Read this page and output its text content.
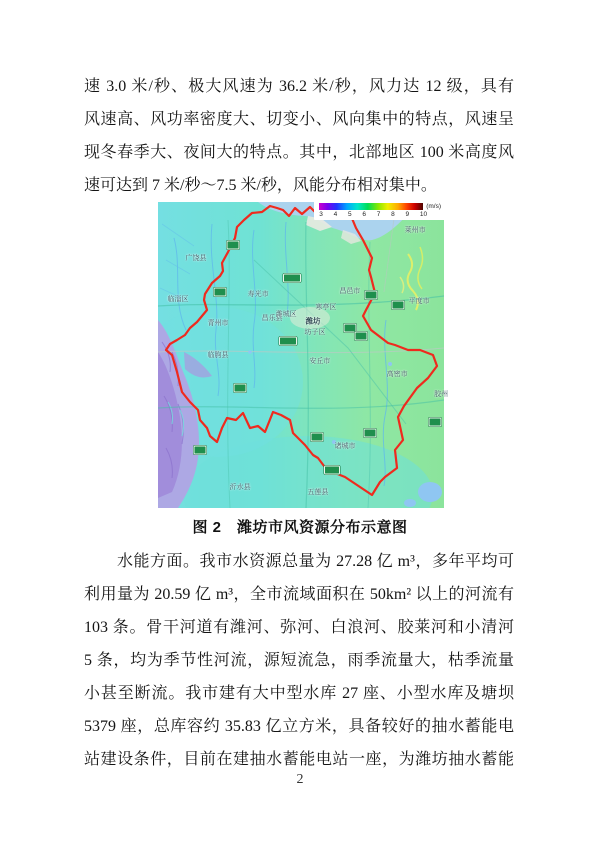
速 3.0 米/秒、极大风速为 36.2 米/秒，风力达 12 级，具有
风速高、风功率密度大、切变小、风向集中的特点，风速呈
现冬春季大、夜间大的特点。其中，北部地区 100 米高度风
速可达到 7 米/秒～7.5 米/秒，风能分布相对集中。
莱州市
广饶县
临淄区
青州市
寿光市
昌乐县
潍城区
潍坊
坊子区
寒亭区
昌邑市
平度市
临朐县
安丘市
高密市
胶州
诸城市
五莲县
沂水县
(m/s)
3 4 5 6 7 8 9 10
图 2　潍坊市风资源分布示意图
水能方面。我市水资源总量为 27.28 亿 m³，多年平均可
利用量为 20.59 亿 m³，全市流域面积在 50km² 以上的河流有
103 条。骨干河道有潍河、弥河、白浪河、胶莱河和小清河
5 条，均为季节性河流，源短流急，雨季流量大，枯季流量
小甚至断流。我市建有大中型水库 27 座、小型水库及塘坝
5379 座，总库容约 35.83 亿立方米，具备较好的抽水蓄能电
站建设条件，目前在建抽水蓄能电站一座，为潍坊抽水蓄能
2
